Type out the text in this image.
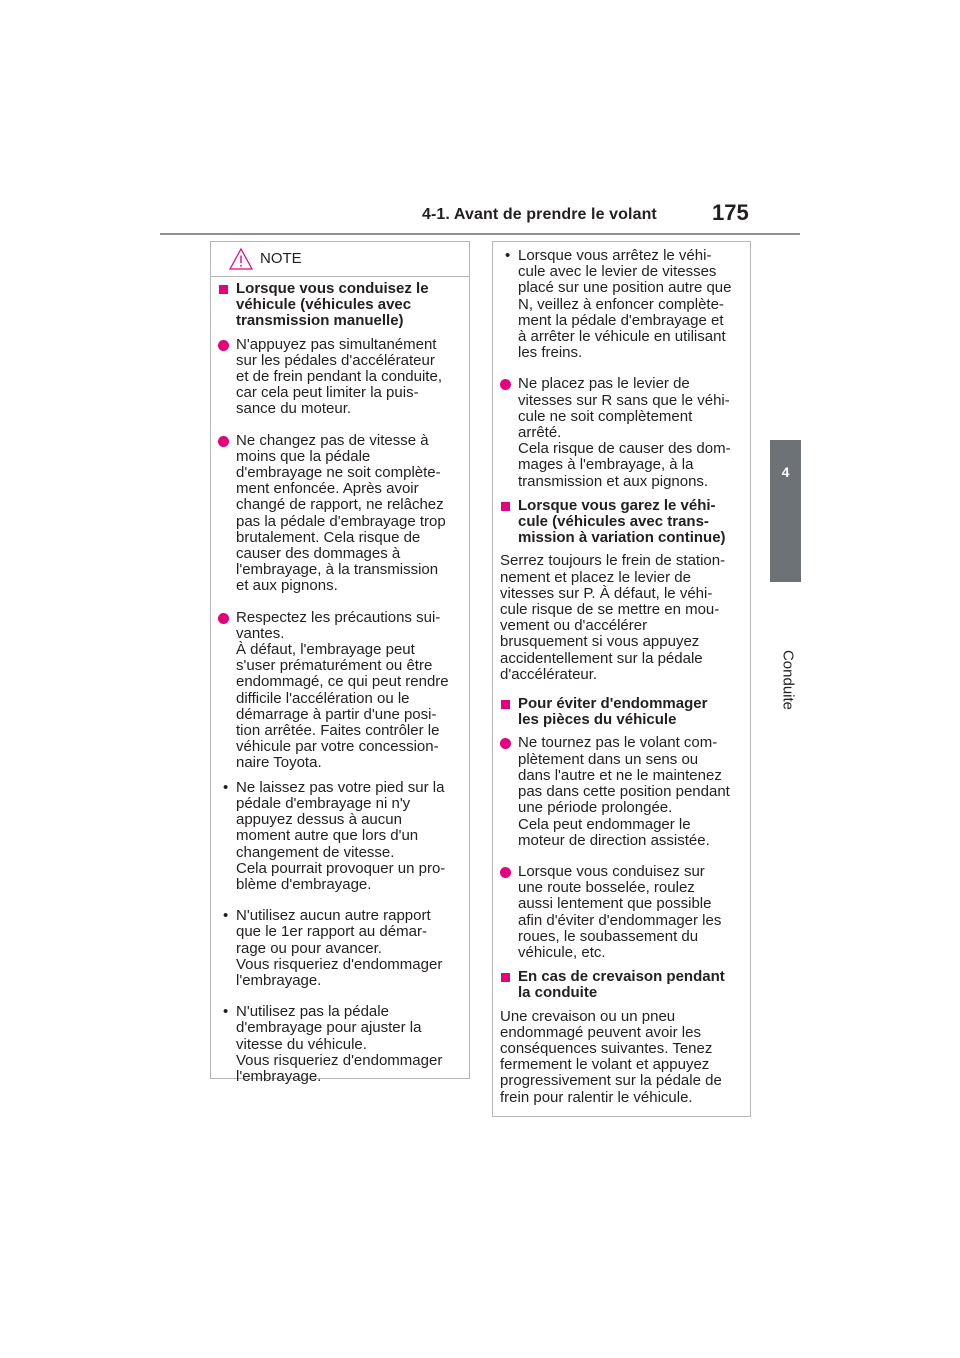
4-1. Avant de prendre le volant	175
4
Conduite
NOTE
Lorsque vous conduisez le
véhicule (véhicules avec
transmission manuelle)
N'appuyez pas simultanément
sur les pédales d'accélérateur
et de frein pendant la conduite,
car cela peut limiter la puis-
sance du moteur.
Ne changez pas de vitesse à
moins que la pédale
d'embrayage ne soit complète-
ment enfoncée. Après avoir
changé de rapport, ne relâchez
pas la pédale d'embrayage trop
brutalement. Cela risque de
causer des dommages à
l'embrayage, à la transmission
et aux pignons.
Respectez les précautions sui-
vantes.
À défaut, l'embrayage peut
s'user prématurément ou être
endommagé, ce qui peut rendre
difficile l'accélération ou le
démarrage à partir d'une posi-
tion arrêtée. Faites contrôler le
véhicule par votre concession-
naire Toyota.
• Ne laissez pas votre pied sur la
pédale d'embrayage ni n'y
appuyez dessus à aucun
moment autre que lors d'un
changement de vitesse.
Cela pourrait provoquer un pro-
blème d'embrayage.
• N'utilisez aucun autre rapport
que le 1er rapport au démar-
rage ou pour avancer.
Vous risqueriez d'endommager
l'embrayage.
• N'utilisez pas la pédale
d'embrayage pour ajuster la
vitesse du véhicule.
Vous risqueriez d'endommager
l'embrayage.
• Lorsque vous arrêtez le véhi-
cule avec le levier de vitesses
placé sur une position autre que
N, veillez à enfoncer complète-
ment la pédale d'embrayage et
à arrêter le véhicule en utilisant
les freins.
Ne placez pas le levier de
vitesses sur R sans que le véhi-
cule ne soit complètement
arrêté.
Cela risque de causer des dom-
mages à l'embrayage, à la
transmission et aux pignons.
Lorsque vous garez le véhi-
cule (véhicules avec trans-
mission à variation continue)
Serrez toujours le frein de station-
nement et placez le levier de
vitesses sur P. À défaut, le véhi-
cule risque de se mettre en mou-
vement ou d'accélérer
brusquement si vous appuyez
accidentellement sur la pédale
d'accélérateur.
Pour éviter d'endommager
les pièces du véhicule
Ne tournez pas le volant com-
plètement dans un sens ou
dans l'autre et ne le maintenez
pas dans cette position pendant
une période prolongée.
Cela peut endommager le
moteur de direction assistée.
Lorsque vous conduisez sur
une route bosselée, roulez
aussi lentement que possible
afin d'éviter d'endommager les
roues, le soubassement du
véhicule, etc.
En cas de crevaison pendant
la conduite
Une crevaison ou un pneu
endommagé peuvent avoir les
conséquences suivantes. Tenez
fermement le volant et appuyez
progressivement sur la pédale de
frein pour ralentir le véhicule.
